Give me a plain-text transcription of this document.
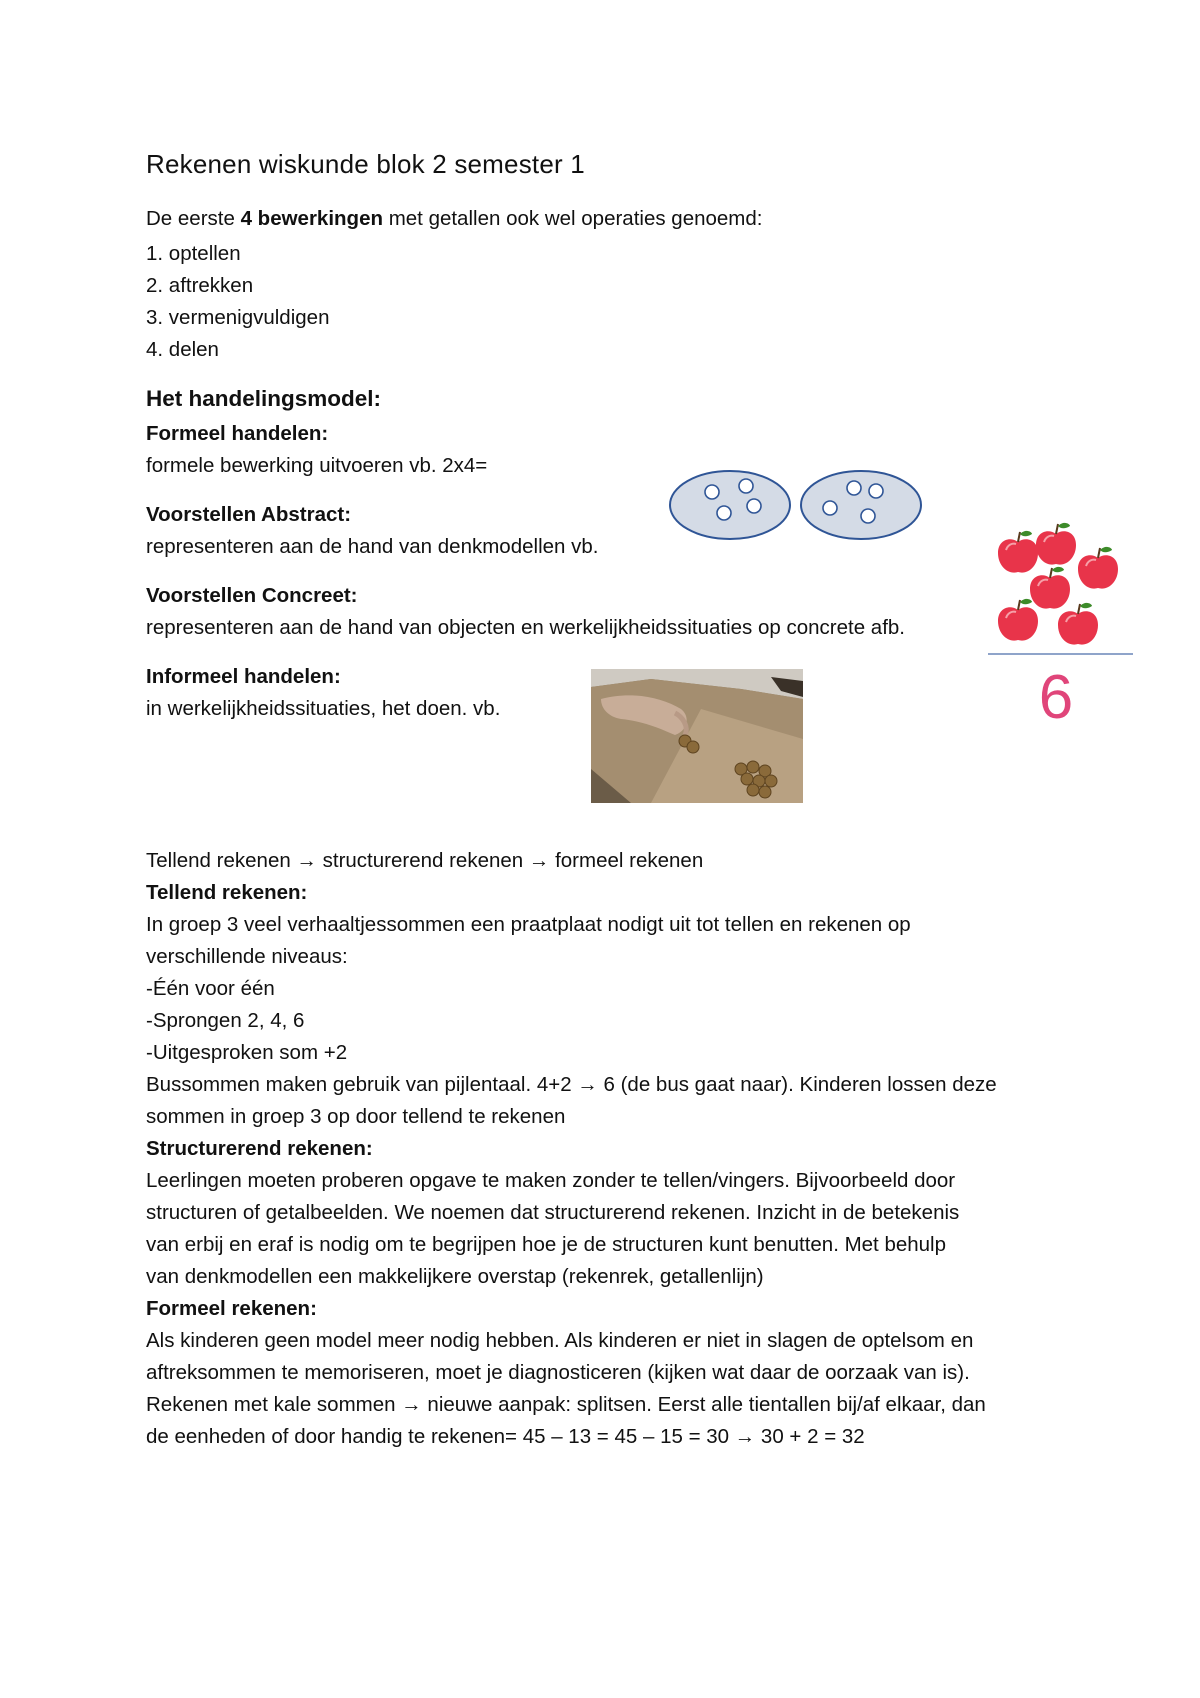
Rekenen wiskunde blok 2 semester 1
De eerste 4 bewerkingen met getallen ook wel operaties genoemd:
1. optellen
2. aftrekken
3. vermenigvuldigen
4. delen
Het handelingsmodel:
Formeel handelen:
formele bewerking uitvoeren vb. 2x4=
Voorstellen Abstract:
representeren aan de hand van denkmodellen vb.
Voorstellen Concreet:
representeren aan de hand van objecten en werkelijkheidssituaties op concrete afb.
Informeel handelen:
in werkelijkheidssituaties, het doen. vb.	6
Tellend rekenen → structurerend rekenen → formeel rekenen
Tellend rekenen:
In groep 3 veel verhaaltjessommen een praatplaat nodigt uit tot tellen en rekenen op
verschillende niveaus:
-Één voor één
-Sprongen 2, 4, 6
-Uitgesproken som +2
Bussommen maken gebruik van pijlentaal. 4+2 → 6 (de bus gaat naar). Kinderen lossen deze
sommen in groep 3 op door tellend te rekenen
Structurerend rekenen:
Leerlingen moeten proberen opgave te maken zonder te tellen/vingers. Bijvoorbeeld door
structuren of getalbeelden. We noemen dat structurerend rekenen. Inzicht in de betekenis
van erbij en eraf is nodig om te begrijpen hoe je de structuren kunt benutten. Met behulp
van denkmodellen een makkelijkere overstap (rekenrek, getallenlijn)
Formeel rekenen:
Als kinderen geen model meer nodig hebben. Als kinderen er niet in slagen de optelsom en
aftreksommen te memoriseren, moet je diagnosticeren (kijken wat daar de oorzaak van is).
Rekenen met kale sommen → nieuwe aanpak: splitsen. Eerst alle tientallen bij/af elkaar, dan
de eenheden of door handig te rekenen= 45 – 13 = 45 – 15 = 30 → 30 + 2 = 32
